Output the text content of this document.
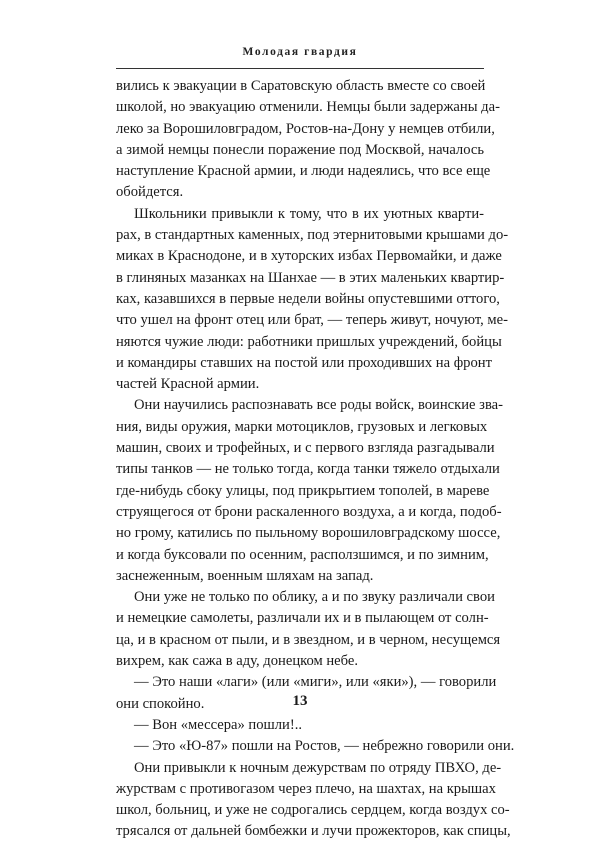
Молодая гвардия
вились к эвакуации в Саратовскую область вместе со своей
школой, но эвакуацию отменили. Немцы были задержаны да-
леко за Ворошиловградом, Ростов-на-Дону у немцев отбили,
а зимой немцы понесли поражение под Москвой, началось
наступление Красной армии, и люди надеялись, что все еще
обойдется.
Школьники привыкли к тому, что в их уютных кварти-
рах, в стандартных каменных, под этернитовыми крышами до-
миках в Краснодоне, и в хуторских избах Первомайки, и даже
в глиняных мазанках на Шанхае — в этих маленьких квартир-
ках, казавшихся в первые недели войны опустевшими оттого,
что ушел на фронт отец или брат, — теперь живут, ночуют, ме-
няются чужие люди: работники пришлых учреждений, бойцы
и командиры ставших на постой или проходивших на фронт
частей Красной армии.
Они научились распознавать все роды войск, воинские зва-
ния, виды оружия, марки мотоциклов, грузовых и легковых
машин, своих и трофейных, и с первого взгляда разгадывали
типы танков — не только тогда, когда танки тяжело отдыхали
где-нибудь сбоку улицы, под прикрытием тополей, в мареве
струящегося от брони раскаленного воздуха, а и когда, подоб-
но грому, катились по пыльному ворошиловградскому шоссе,
и когда буксовали по осенним, расползшимся, и по зимним,
заснеженным, военным шляхам на запад.
Они уже не только по облику, а и по звуку различали свои
и немецкие самолеты, различали их и в пылающем от солн-
ца, и в красном от пыли, и в звездном, и в черном, несущемся
вихрем, как сажа в аду, донецком небе.
— Это наши «лаги» (или «миги», или «яки»), — говорили
они спокойно.
— Вон «мессера» пошли!..
— Это «Ю-87» пошли на Ростов, — небрежно говорили они.
Они привыкли к ночным дежурствам по отряду ПВХО, де-
журствам с противогазом через плечо, на шахтах, на крышах
школ, больниц, и уже не содрогались сердцем, когда воздух со-
трясался от дальней бомбежки и лучи прожекторов, как спицы,
13
